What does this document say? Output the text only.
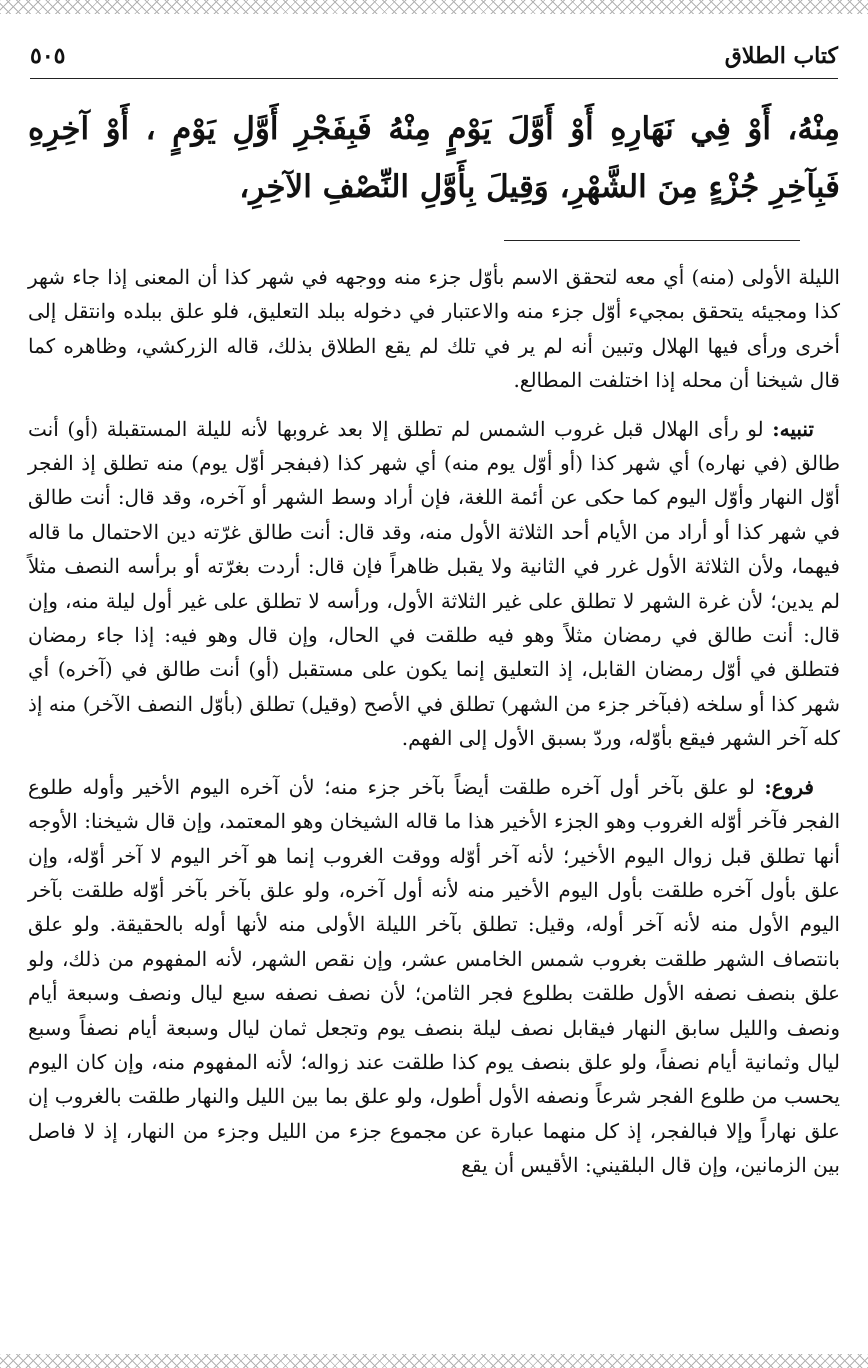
٥٠٥	كتاب الطلاق

مِنْهُ، أَوْ فِي نَهَارِهِ أَوْ أَوَّلَ يَوْمٍ مِنْهُ فَبِفَجْرِ أَوَّلِ يَوْمٍ ، أَوْ آخِرِهِ فَبِآخِرِ جُزْءٍ مِنَ الشَّهْرِ، وَقِيلَ بِأَوَّلِ النِّصْفِ الآخِرِ،

الليلة الأولى (منه) أي معه لتحقق الاسم بأوّل جزء منه ووجهه في شهر كذا أن المعنى إذا جاء شهر كذا ومجيئه يتحقق بمجيء أوّل جزء منه والاعتبار في دخوله ببلد التعليق، فلو علق ببلده وانتقل إلى أخرى ورأى فيها الهلال وتبين أنه لم ير في تلك لم يقع الطلاق بذلك، قاله الزركشي، وظاهره كما قال شيخنا أن محله إذا اختلفت المطالع.

تنبيه: لو رأى الهلال قبل غروب الشمس لم تطلق إلا بعد غروبها لأنه لليلة المستقبلة (أو) أنت طالق (في نهاره) أي شهر كذا (أو أوّل يوم منه) أي شهر كذا (فبفجر أوّل يوم) منه تطلق إذ الفجر أوّل النهار وأوّل اليوم كما حكى عن أئمة اللغة، فإن أراد وسط الشهر أو آخره، وقد قال: أنت طالق في شهر كذا أو أراد من الأيام أحد الثلاثة الأول منه، وقد قال: أنت طالق غرّته دين الاحتمال ما قاله فيهما، ولأن الثلاثة الأول غرر في الثانية ولا يقبل ظاهراً فإن قال: أردت بغرّته أو برأسه النصف مثلاً لم يدين؛ لأن غرة الشهر لا تطلق على غير الثلاثة الأول، ورأسه لا تطلق على غير أول ليلة منه، وإن قال: أنت طالق في رمضان مثلاً وهو فيه طلقت في الحال، وإن قال وهو فيه: إذا جاء رمضان فتطلق في أوّل رمضان القابل، إذ التعليق إنما يكون على مستقبل (أو) أنت طالق في (آخره) أي شهر كذا أو سلخه (فبآخر جزء من الشهر) تطلق في الأصح (وقيل) تطلق (بأوّل النصف الآخر) منه إذ كله آخر الشهر فيقع بأوّله، وردّ بسبق الأول إلى الفهم.

فروع: لو علق بآخر أول آخره طلقت أيضاً بآخر جزء منه؛ لأن آخره اليوم الأخير وأوله طلوع الفجر فآخر أوّله الغروب وهو الجزء الأخير هذا ما قاله الشيخان وهو المعتمد، وإن قال شيخنا: الأوجه أنها تطلق قبل زوال اليوم الأخير؛ لأنه آخر أوّله ووقت الغروب إنما هو آخر اليوم لا آخر أوّله، وإن علق بأول آخره طلقت بأول اليوم الأخير منه لأنه أول آخره، ولو علق بآخر بآخر أوّله طلقت بآخر اليوم الأول منه لأنه آخر أوله، وقيل: تطلق بآخر الليلة الأولى منه لأنها أوله بالحقيقة. ولو علق بانتصاف الشهر طلقت بغروب شمس الخامس عشر، وإن نقص الشهر، لأنه المفهوم من ذلك، ولو علق بنصف نصفه الأول طلقت بطلوع فجر الثامن؛ لأن نصف نصفه سبع ليال ونصف وسبعة أيام ونصف والليل سابق النهار فيقابل نصف ليلة بنصف يوم وتجعل ثمان ليال وسبعة أيام نصفاً وسبع ليال وثمانية أيام نصفاً، ولو علق بنصف يوم كذا طلقت عند زواله؛ لأنه المفهوم منه، وإن كان اليوم يحسب من طلوع الفجر شرعاً ونصفه الأول أطول، ولو علق بما بين الليل والنهار طلقت بالغروب إن علق نهاراً وإلا فبالفجر، إذ كل منهما عبارة عن مجموع جزء من الليل وجزء من النهار، إذ لا فاصل بين الزمانين، وإن قال البلقيني: الأقيس أن يقع
